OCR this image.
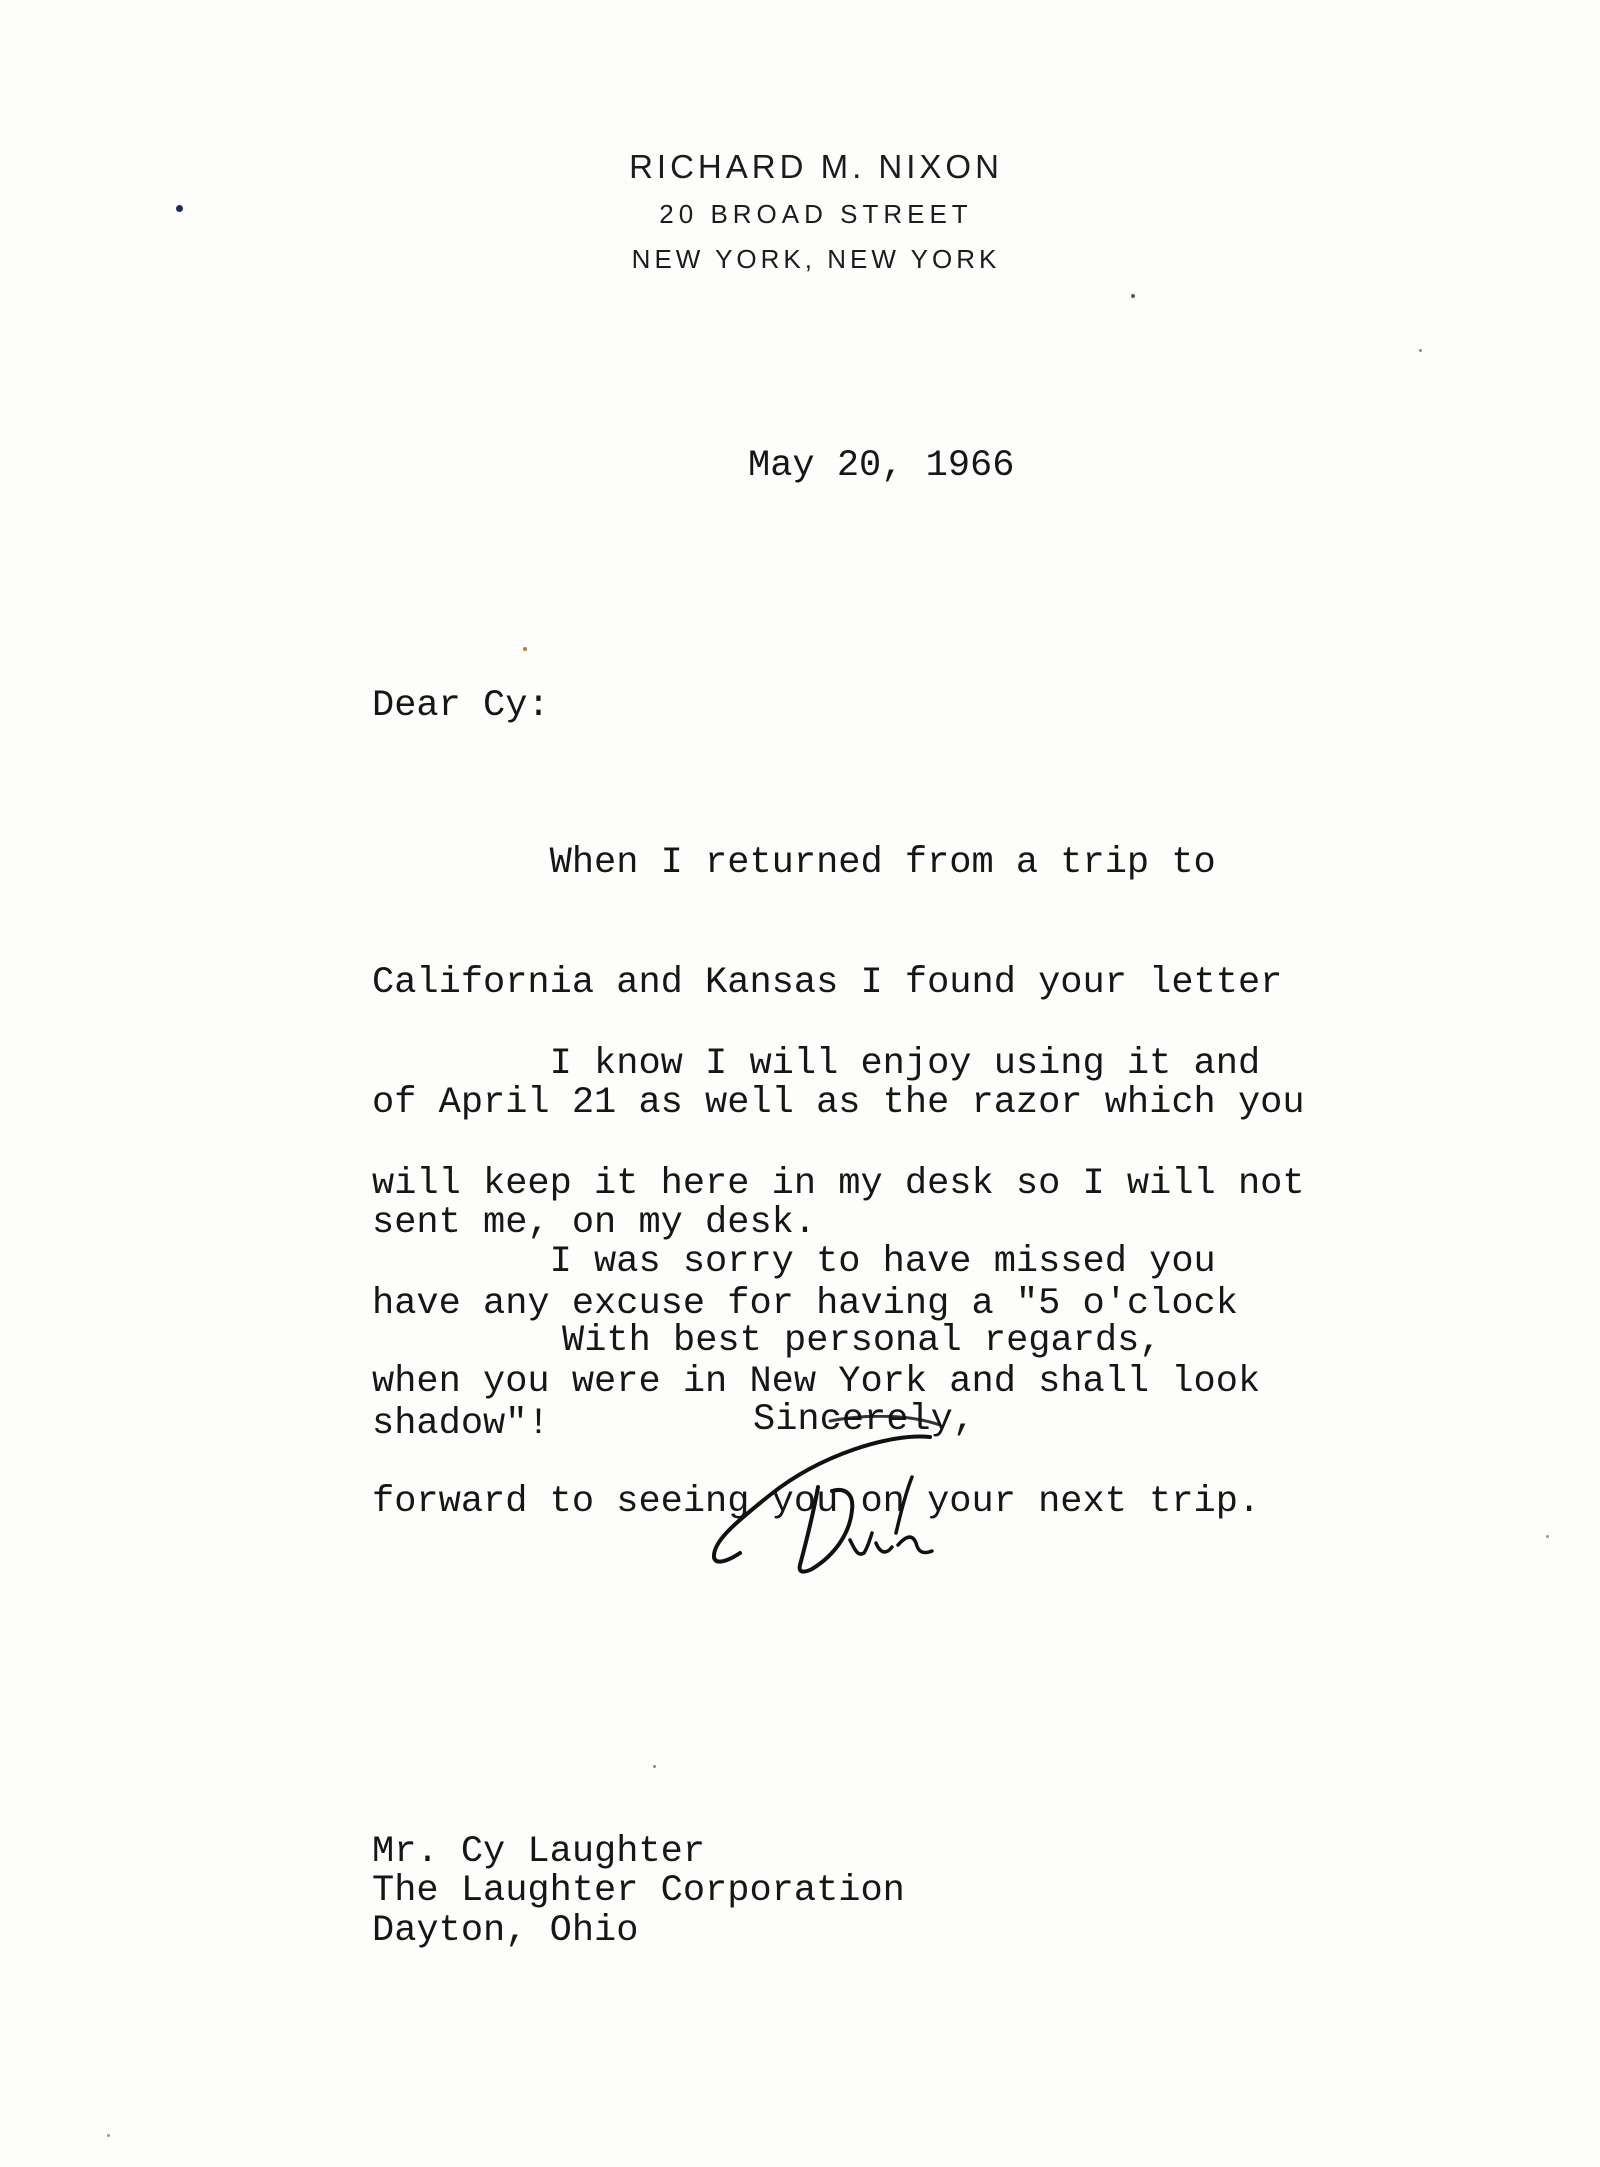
RICHARD M. NIXON
20 BROAD STREET
NEW YORK, NEW YORK
May 20, 1966
Dear Cy:

When I returned from a trip to

California and Kansas I found your letter

of April 21 as well as the razor which you

sent me, on my desk.

I know I will enjoy using it and

will keep it here in my desk so I will not

have any excuse for having a "5 o'clock

shadow"!

I was sorry to have missed you

when you were in New York and shall look

forward to seeing you on your next trip.

With best personal regards,
Sincerely,
Mr. Cy Laughter
The Laughter Corporation
Dayton, Ohio
